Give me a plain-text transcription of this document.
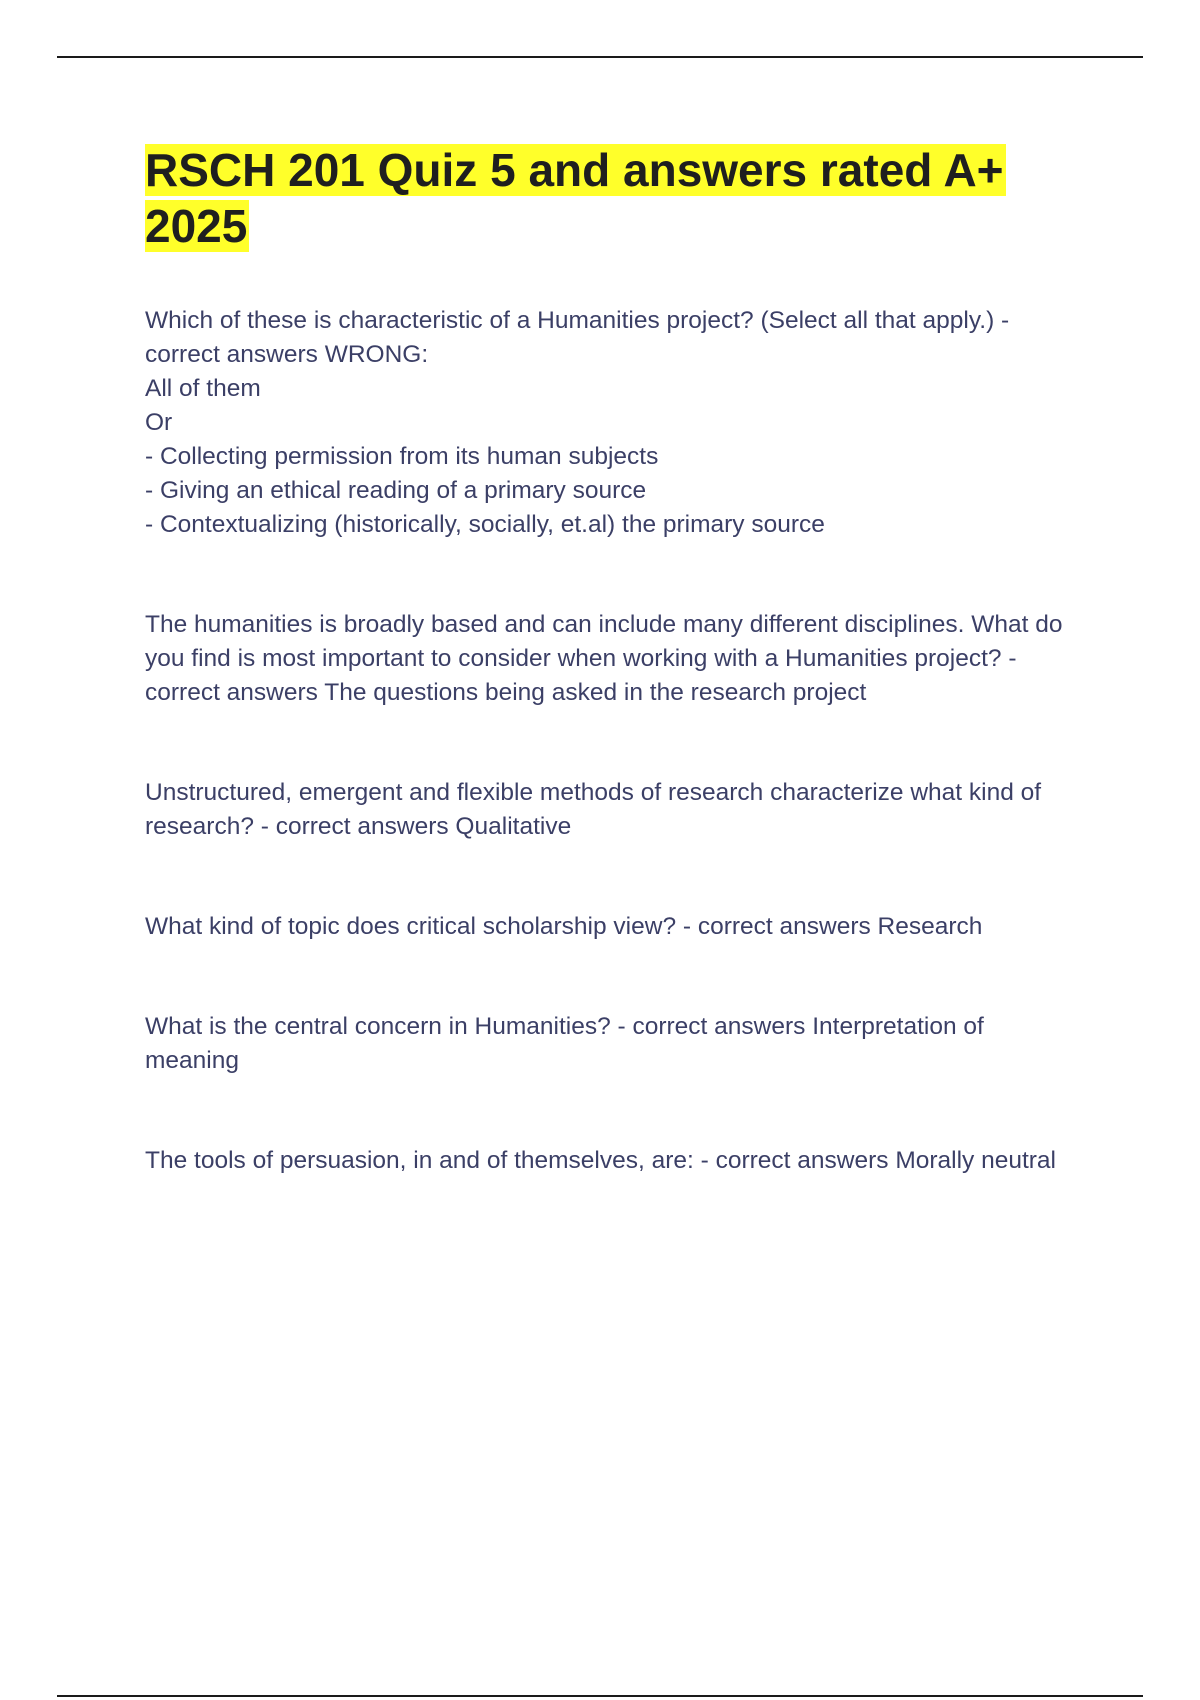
RSCH 201 Quiz 5 and answers rated A+ 2025

Which of these is characteristic of a Humanities project? (Select all that apply.) - correct answers WRONG:

All of them

Or

- Collecting permission from its human subjects

- Giving an ethical reading of a primary source

- Contextualizing (historically, socially, et.al) the primary source

The humanities is broadly based and can include many different disciplines. What do you find is most important to consider when working with a Humanities project? - correct answers The questions being asked in the research project

Unstructured, emergent and flexible methods of research characterize what kind of research? - correct answers Qualitative

What kind of topic does critical scholarship view? - correct answers Research

What is the central concern in Humanities? - correct answers Interpretation of meaning

The tools of persuasion, in and of themselves, are: - correct answers Morally neutral
